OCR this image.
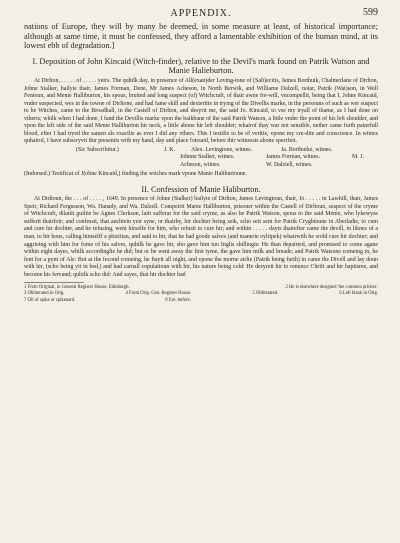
APPENDIX.	599

nations of Europe, they will by many be deemed, in some measure at least, of historical importance; although at same time, it must be confessed, they afford a lamentable exhibition of the human mind, at its lowest ebb of degradation.]

I. Deposition of John Kincaid (Witch-finder), relative to the Devil's mark found on Patrik Watson and Manie Halieburton.

At Dirlton, . . . . . of . . . . . yeirs. The quhilk day, in presence of All(exan)der Leving-tone of (Sali)ecitis, James Borthuik, Chalmerlane of Dirlton, Johne Stalker, bailyie thair, James Forman, Dene, Mr James Acheson, in North Berwik, and Williame Dalzell, notar, Patrik (Wat)son, in Well Fentoun, and Menie Halliburton, his spous, bruited and long suspect (of) Witchcraft, of thair awne fre-will, vncompellit, being that I, Johne Kincaid, vnder suspected, wes in the towne of Dirltone, and had fame skill and dexteritie in trying of the Divellis marke, in the persouns of such as wer suspect to be Witches, came to the Broadhall, in the Castell of Dirlton, and desyrit me, the said Jo. Kincaid, to vse my tryall of thame, as I had done on vtheris; whilk when I had done, I fand the Devillis marke vpon the baikbane of the said Patrik Watson, a little vnder the point of his left shoulder, and vpon the left side of the said Menie Halliburton hir neck, a little abone hir left shoulder; whairof thay war not sensible, nether came furth painefull blood, efter I had tryed the samen als exactlie as ever I did any vthers. This I testifie to be of veritie, vpone my cre-dite and conscience. In witnes quhairof, I have subscryvit thir presentis with my hand, day and place foirsaid, before thir witnessis abone specifeit.

(Sic Subscribitur.)	J. K.	Alex. Levingtone, witnes.	Ja. Borthuike, witnes.
Johnne Stalker, witnes.	James Forman, witnes.	M. J.
Acheson, witnes.	W. Dalziell, witnes.

(Indorsed.) Testificat of J(ohne Kincaid,) finding the witches mark vpone Manie Haliburtoune.

II. Confession of Manie Haliburton.

At Dirltoun, the . . . of . . . . , 1649. In presence of Johne (Stalker) bailyie of Dirlton, James Levingtoun, thair, Jo . . . . . in Lawhill, thair, James Speir, Richard Fergusson, Wa. Hanady, and Wa. Dalzell. Compeirit Manie Halliburton, prisoner within the Castell of Dirltoun, suspect of the cryme of Witchcraft, dilaitit guiltie be Agnes Clerkson, laitt sufferar for the said cryme, as also be Patrik Watson, spous to the said Menie, who lykewyse sufferit thairfoir; and confessit, that auchtein yeir syne, or thairby, hir dochter being seik, scho seit sent for Patrik Cryghtoune in Aberladie, to cum and cure hir dochter, and he refusing, went hirselfe for him, who refusit to cure hir; and within . . . . . dayis thairefter came the devill, in liknes of a man, to hir hous, calling himselff a phisitian, and said to hir, that he had goode salves (and manerie oyltipek) whairwith he wold cure hir dochter; and aggrieing with him for fome of his salves, quhilk he gave hir, sho gave him tuo Inglis shillingis: He than depairted, and promised to come agane within eight dayes, whilk accordinglie he did; but or he went away the first tyme, the gave him milk and breade; and Patrik Watsone comeing in, he fent for a pynt of Ale: But at the fecond comeing, he ftayit all night, and vpone the morne airlie (Patrik being furth) in came the Divell and lay doun with hir, (scho being yit in bed,) and had carnall copulatioun with hir, his nature being cold: He desyreit hir to renunce Chrift and hir baptisme, and become his fervand; quhilk scho did: And sayes, that hir dochter had

1 From Original, in General Register House, Edinburgh.	2 He is elsewhere designed 'the common pricker.'
3 Obliterated in Orig.	4 From Orig. Gen. Register House.	5 Obliterated.	6 Left blank in Orig.
7 Oil of spike or spikenard.	8 Ere; before.
